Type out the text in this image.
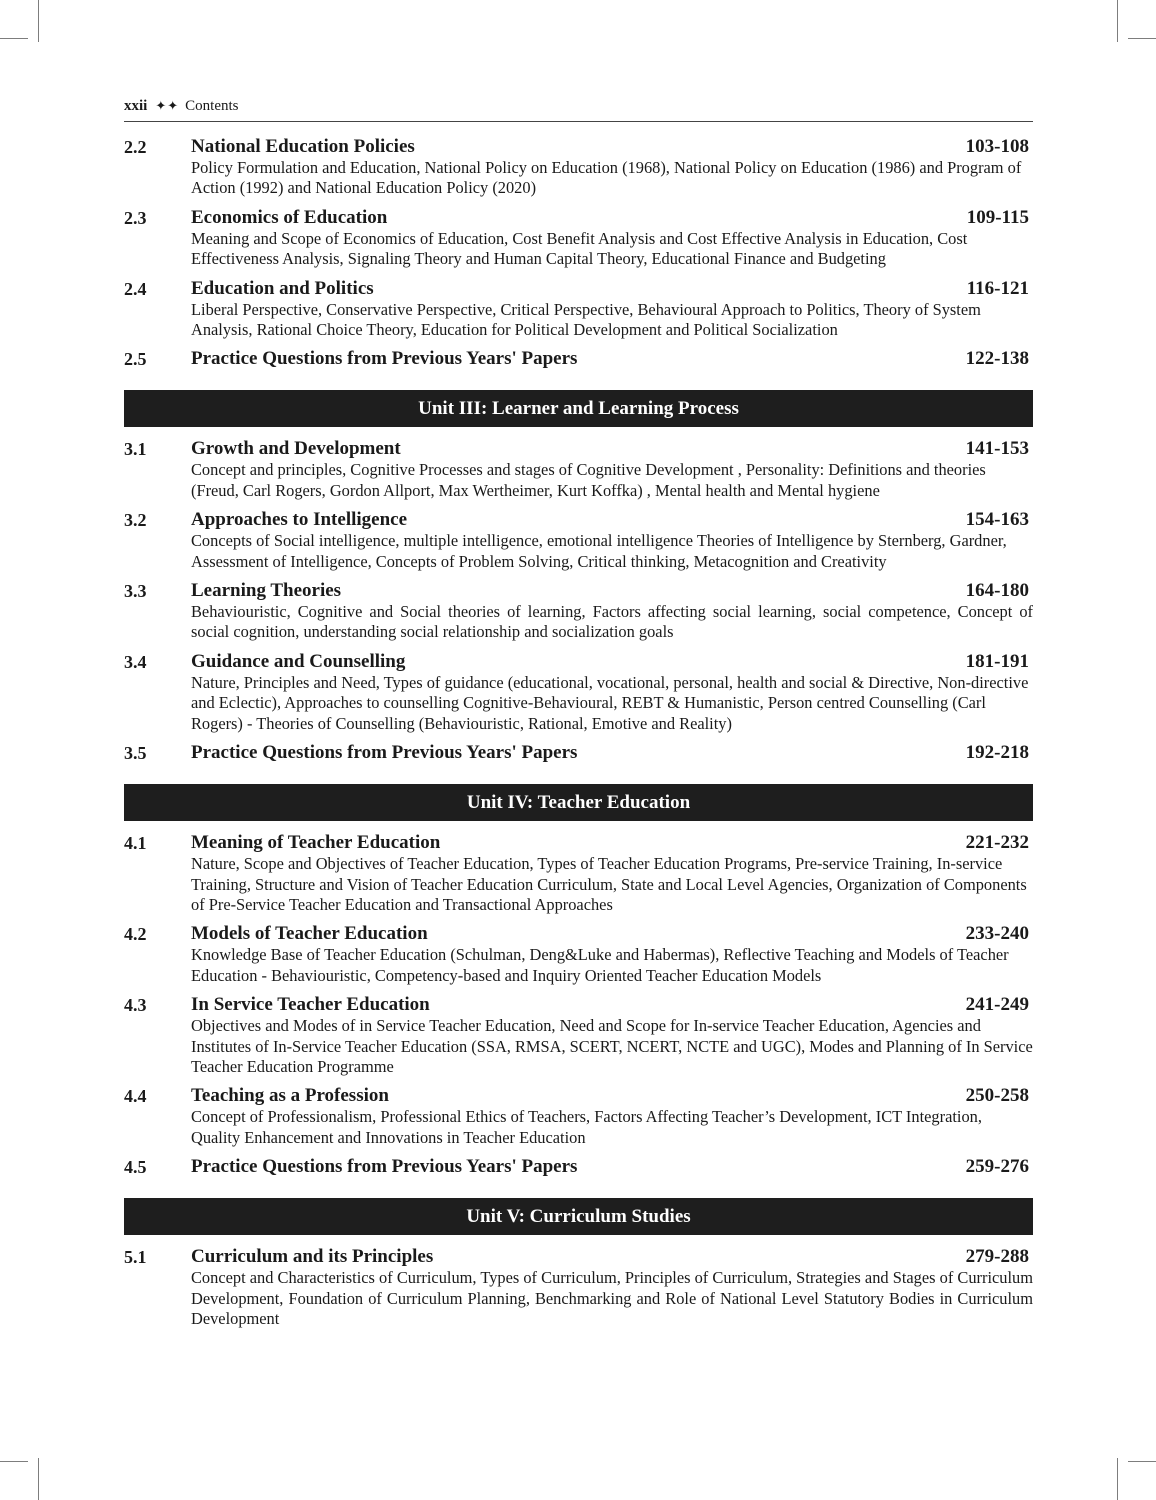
xxii ✦✦ Contents
2.2	National Education Policies	103-108
Policy Formulation and Education, National Policy on Education (1968), National Policy on Education (1986) and Program of Action (1992) and National Education Policy (2020)
2.3	Economics of Education	109-115
Meaning and Scope of Economics of Education, Cost Benefit Analysis and Cost Effective Analysis in Education, Cost Effectiveness Analysis, Signaling Theory and Human Capital Theory, Educational Finance and Budgeting
2.4	Education and Politics	116-121
Liberal Perspective, Conservative Perspective, Critical Perspective, Behavioural Approach to Politics, Theory of System Analysis, Rational Choice Theory, Education for Political Development and Political Socialization
2.5	Practice Questions from Previous Years' Papers	122-138
Unit III: Learner and Learning Process
3.1	Growth and Development	141-153
Concept and principles, Cognitive Processes and stages of Cognitive Development , Personality: Definitions and theories (Freud, Carl Rogers, Gordon Allport, Max Wertheimer, Kurt Koffka) , Mental health and Mental hygiene
3.2	Approaches to Intelligence	154-163
Concepts of Social intelligence, multiple intelligence, emotional intelligence Theories of Intelligence by Sternberg, Gardner, Assessment of Intelligence, Concepts of Problem Solving, Critical thinking, Metacognition and Creativity
3.3	Learning Theories	164-180
Behaviouristic, Cognitive and Social theories of learning, Factors affecting social learning, social competence, Concept of social cognition, understanding social relationship and socialization goals
3.4	Guidance and Counselling	181-191
Nature, Principles and Need, Types of guidance (educational, vocational, personal, health and social & Directive, Non-directive and Eclectic), Approaches to counselling Cognitive-Behavioural, REBT & Humanistic, Person centred Counselling (Carl Rogers) - Theories of Counselling (Behaviouristic, Rational, Emotive and Reality)
3.5	Practice Questions from Previous Years' Papers	192-218
Unit IV: Teacher Education
4.1	Meaning of Teacher Education	221-232
Nature, Scope and Objectives of Teacher Education, Types of Teacher Education Programs, Pre-service Training, In-service Training, Structure and Vision of Teacher Education Curriculum, State and Local Level Agencies, Organization of Components of Pre-Service Teacher Education and Transactional Approaches
4.2	Models of Teacher Education	233-240
Knowledge Base of Teacher Education (Schulman, Deng&Luke and Habermas), Reflective Teaching and Models of Teacher Education - Behaviouristic, Competency-based and Inquiry Oriented Teacher Education Models
4.3	In Service Teacher Education	241-249
Objectives and Modes of in Service Teacher Education, Need and Scope for In-service Teacher Education, Agencies and Institutes of In-Service Teacher Education (SSA, RMSA, SCERT, NCERT, NCTE and UGC), Modes and Planning of In Service Teacher Education Programme
4.4	Teaching as a Profession	250-258
Concept of Professionalism, Professional Ethics of Teachers, Factors Affecting Teacher’s Development, ICT Integration, Quality Enhancement and Innovations in Teacher Education
4.5	Practice Questions from Previous Years' Papers	259-276
Unit V: Curriculum Studies
5.1	Curriculum and its Principles	279-288
Concept and Characteristics of Curriculum, Types of Curriculum, Principles of Curriculum, Strategies and Stages of Curriculum Development, Foundation of Curriculum Planning, Benchmarking and Role of National Level Statutory Bodies in Curriculum Development
